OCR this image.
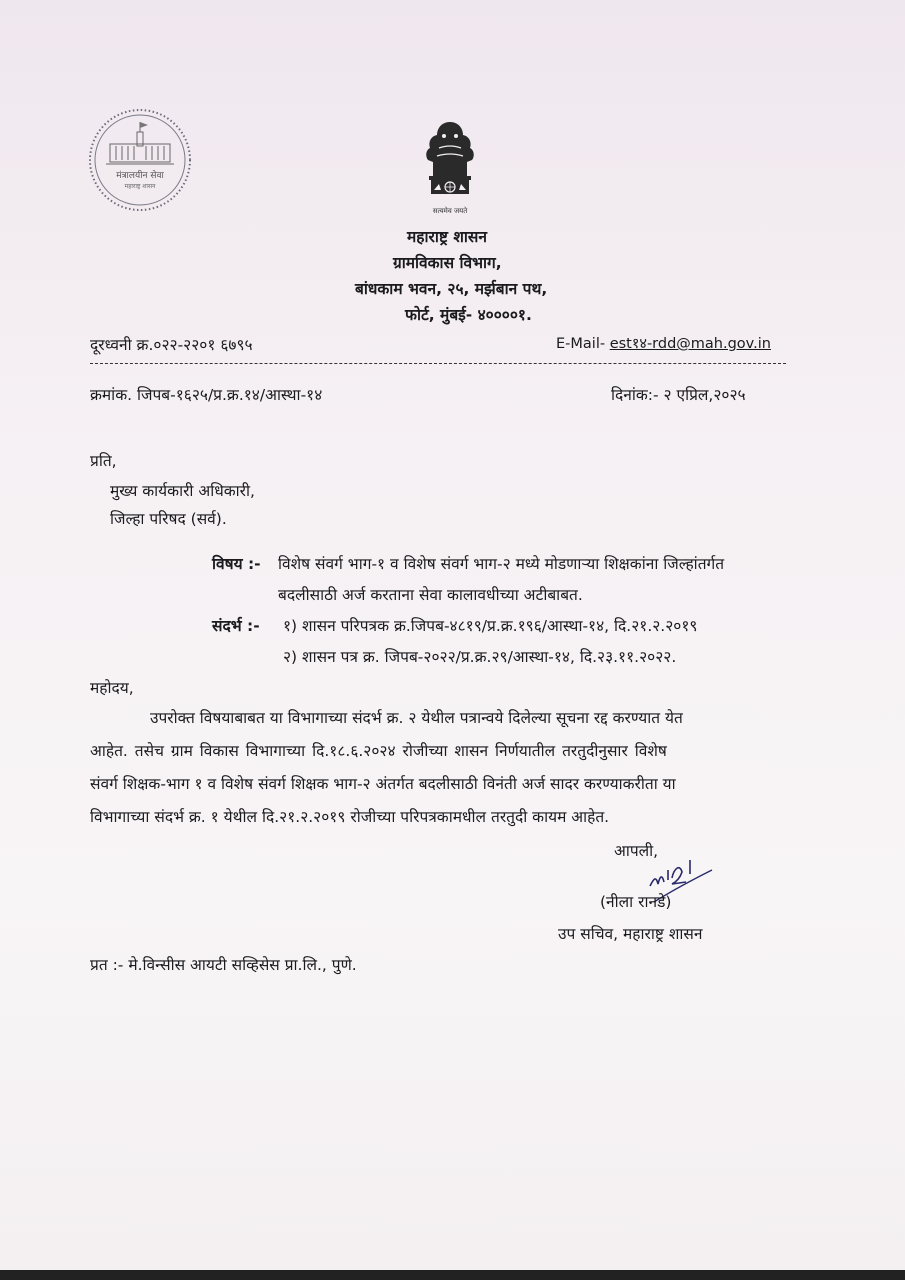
मंत्रालयीन सेवा
महाराष्ट्र शासन
सत्यमेव जयते
महाराष्ट्र शासन
ग्रामविकास विभाग,
बांधकाम भवन, २५, मर्झबान पथ,
फोर्ट, मुंबई- ४००००१.
दूरध्वनी क्र.०२२-२२०१ ६७९५	E-Mail- est१४-rdd@mah.gov.in
क्रमांक. जिपब-१६२५/प्र.क्र.१४/आस्था-१४	दिनांक:- २ एप्रिल,२०२५
प्रति,
मुख्य कार्यकारी अधिकारी,
जिल्हा परिषद (सर्व).
विषय :- विशेष संवर्ग भाग-१ व विशेष संवर्ग भाग-२ मध्ये मोडणाऱ्या शिक्षकांना जिल्हांतर्गत
बदलीसाठी अर्ज करताना सेवा कालावधीच्या अटीबाबत.
संदर्भ :- १) शासन परिपत्रक क्र.जिपब-४८१९/प्र.क्र.१९६/आस्था-१४, दि.२१.२.२०१९
२) शासन पत्र क्र. जिपब-२०२२/प्र.क्र.२९/आस्था-१४, दि.२३.११.२०२२.
महोदय,
उपरोक्त विषयाबाबत या विभागाच्या संदर्भ क्र. २ येथील पत्रान्वये दिलेल्या सूचना रद्द करण्यात येत
आहेत. तसेच ग्राम विकास विभागाच्या दि.१८.६.२०२४ रोजीच्या शासन निर्णयातील तरतुदीनुसार विशेष
संवर्ग शिक्षक-भाग १ व विशेष संवर्ग शिक्षक भाग-२ अंतर्गत बदलीसाठी विनंती अर्ज सादर करण्याकरीता या
विभागाच्या संदर्भ क्र. १ येथील दि.२१.२.२०१९ रोजीच्या परिपत्रकामधील तरतुदी कायम आहेत.
आपली,
(नीला रानडे)
उप सचिव, महाराष्ट्र शासन
प्रत :- मे.विन्सीस आयटी सव्हिसेस प्रा.लि., पुणे.
